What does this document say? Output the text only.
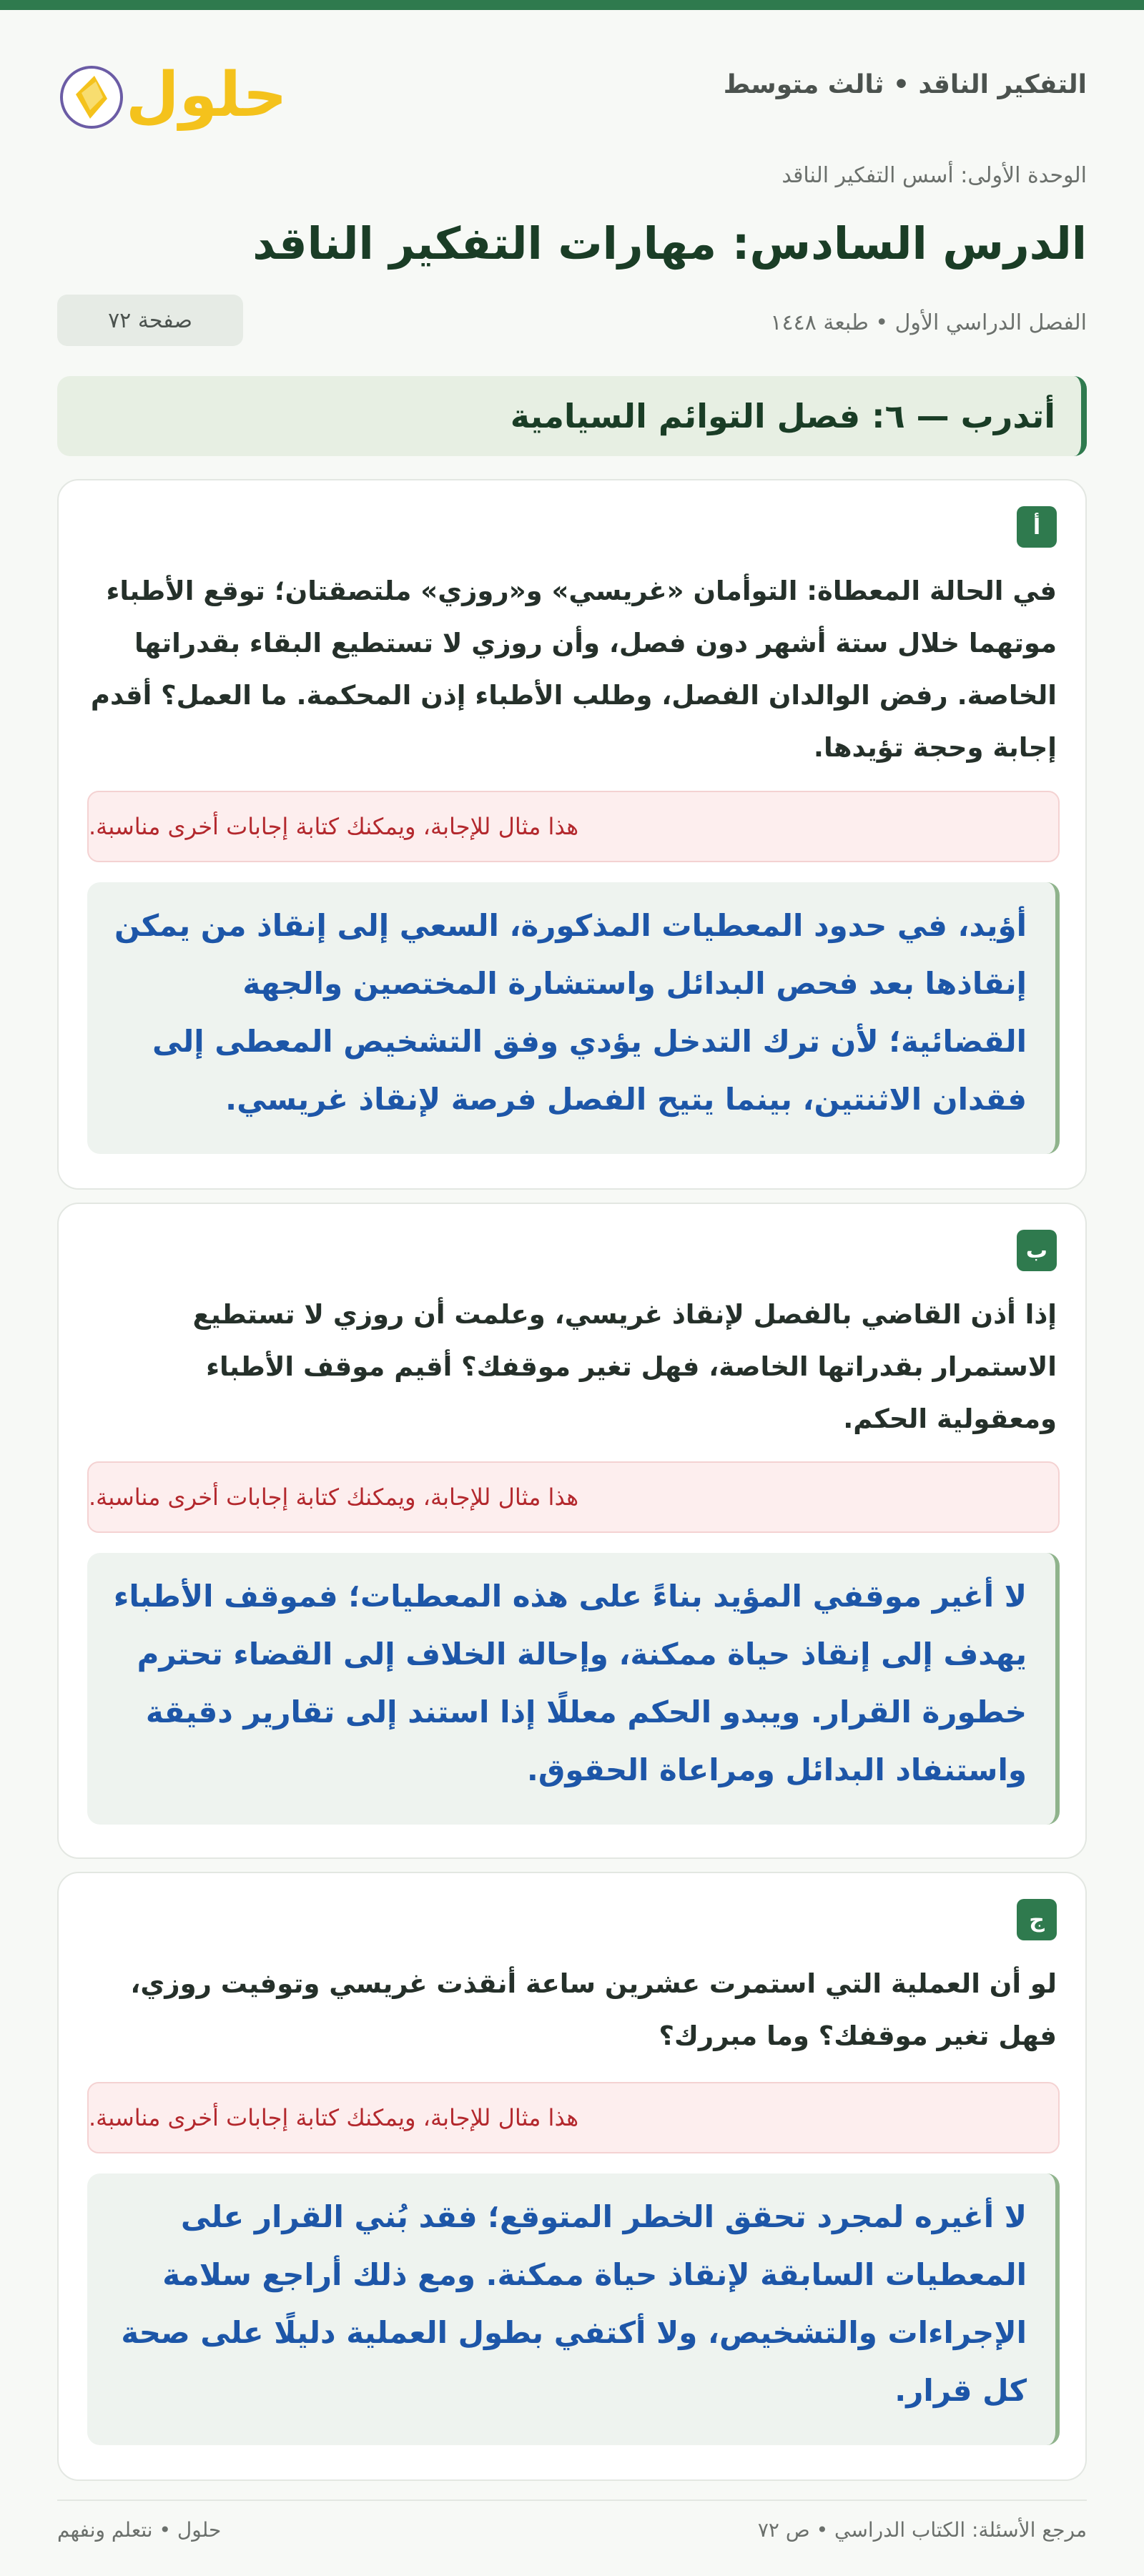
التفكير الناقد • ثالث متوسط
حلول
الوحدة الأولى: أسس التفكير الناقد
الدرس السادس: مهارات التفكير الناقد
الفصل الدراسي الأول • طبعة ١٤٤٨
صفحة ٧٢
أتدرب — ٦: فصل التوائم السيامية
أ
في الحالة المعطاة: التوأمان «غريسي» و«روزي» ملتصقتان؛ توقع الأطباء موتهما خلال ستة أشهر دون فصل، وأن روزي لا تستطيع البقاء بقدراتها الخاصة. رفض الوالدان الفصل، وطلب الأطباء إذن المحكمة. ما العمل؟ أقدم إجابة وحجة تؤيدها.
هذا مثال للإجابة، ويمكنك كتابة إجابات أخرى مناسبة.
أؤيد، في حدود المعطيات المذكورة، السعي إلى إنقاذ من يمكن إنقاذها بعد فحص البدائل واستشارة المختصين والجهة القضائية؛ لأن ترك التدخل يؤدي وفق التشخيص المعطى إلى فقدان الاثنتين، بينما يتيح الفصل فرصة لإنقاذ غريسي.
ب
إذا أذن القاضي بالفصل لإنقاذ غريسي، وعلمت أن روزي لا تستطيع الاستمرار بقدراتها الخاصة، فهل تغير موقفك؟ أقيم موقف الأطباء ومعقولية الحكم.
هذا مثال للإجابة، ويمكنك كتابة إجابات أخرى مناسبة.
لا أغير موقفي المؤيد بناءً على هذه المعطيات؛ فموقف الأطباء يهدف إلى إنقاذ حياة ممكنة، وإحالة الخلاف إلى القضاء تحترم خطورة القرار. ويبدو الحكم معللًا إذا استند إلى تقارير دقيقة واستنفاد البدائل ومراعاة الحقوق.
ج
لو أن العملية التي استمرت عشرين ساعة أنقذت غريسي وتوفيت روزي، فهل تغير موقفك؟ وما مبررك؟
هذا مثال للإجابة، ويمكنك كتابة إجابات أخرى مناسبة.
لا أغيره لمجرد تحقق الخطر المتوقع؛ فقد بُني القرار على المعطيات السابقة لإنقاذ حياة ممكنة. ومع ذلك أراجع سلامة الإجراءات والتشخيص، ولا أكتفي بطول العملية دليلًا على صحة كل قرار.
مرجع الأسئلة: الكتاب الدراسي • ص ٧٢
حلول • نتعلم ونفهم
